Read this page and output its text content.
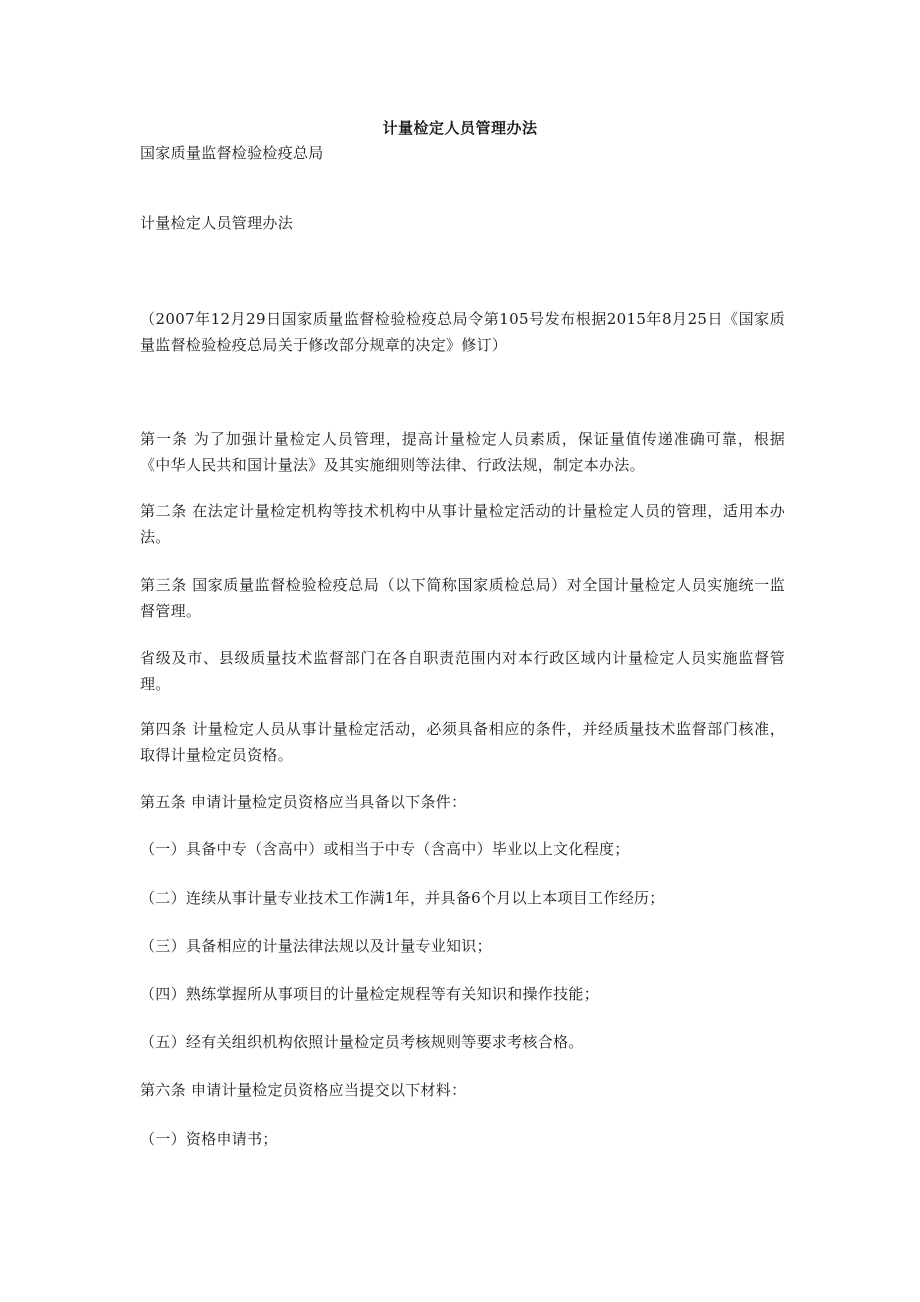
计量检定人员管理办法
国家质量监督检验检疫总局
计量检定人员管理办法
（2007年12月29日国家质量监督检验检疫总局令第105号发布根据2015年8月25日《国家质量监督检验检疫总局关于修改部分规章的决定》修订）
第一条 为了加强计量检定人员管理，提高计量检定人员素质，保证量值传递准确可靠，根据《中华人民共和国计量法》及其实施细则等法律、行政法规，制定本办法。
第二条 在法定计量检定机构等技术机构中从事计量检定活动的计量检定人员的管理，适用本办法。
第三条 国家质量监督检验检疫总局（以下简称国家质检总局）对全国计量检定人员实施统一监督管理。
省级及市、县级质量技术监督部门在各自职责范围内对本行政区域内计量检定人员实施监督管理。
第四条 计量检定人员从事计量检定活动，必须具备相应的条件，并经质量技术监督部门核准，取得计量检定员资格。
第五条 申请计量检定员资格应当具备以下条件：
（一）具备中专（含高中）或相当于中专（含高中）毕业以上文化程度；
（二）连续从事计量专业技术工作满1年，并具备6个月以上本项目工作经历；
（三）具备相应的计量法律法规以及计量专业知识；
（四）熟练掌握所从事项目的计量检定规程等有关知识和操作技能；
（五）经有关组织机构依照计量检定员考核规则等要求考核合格。
第六条 申请计量检定员资格应当提交以下材料：
（一）资格申请书；
